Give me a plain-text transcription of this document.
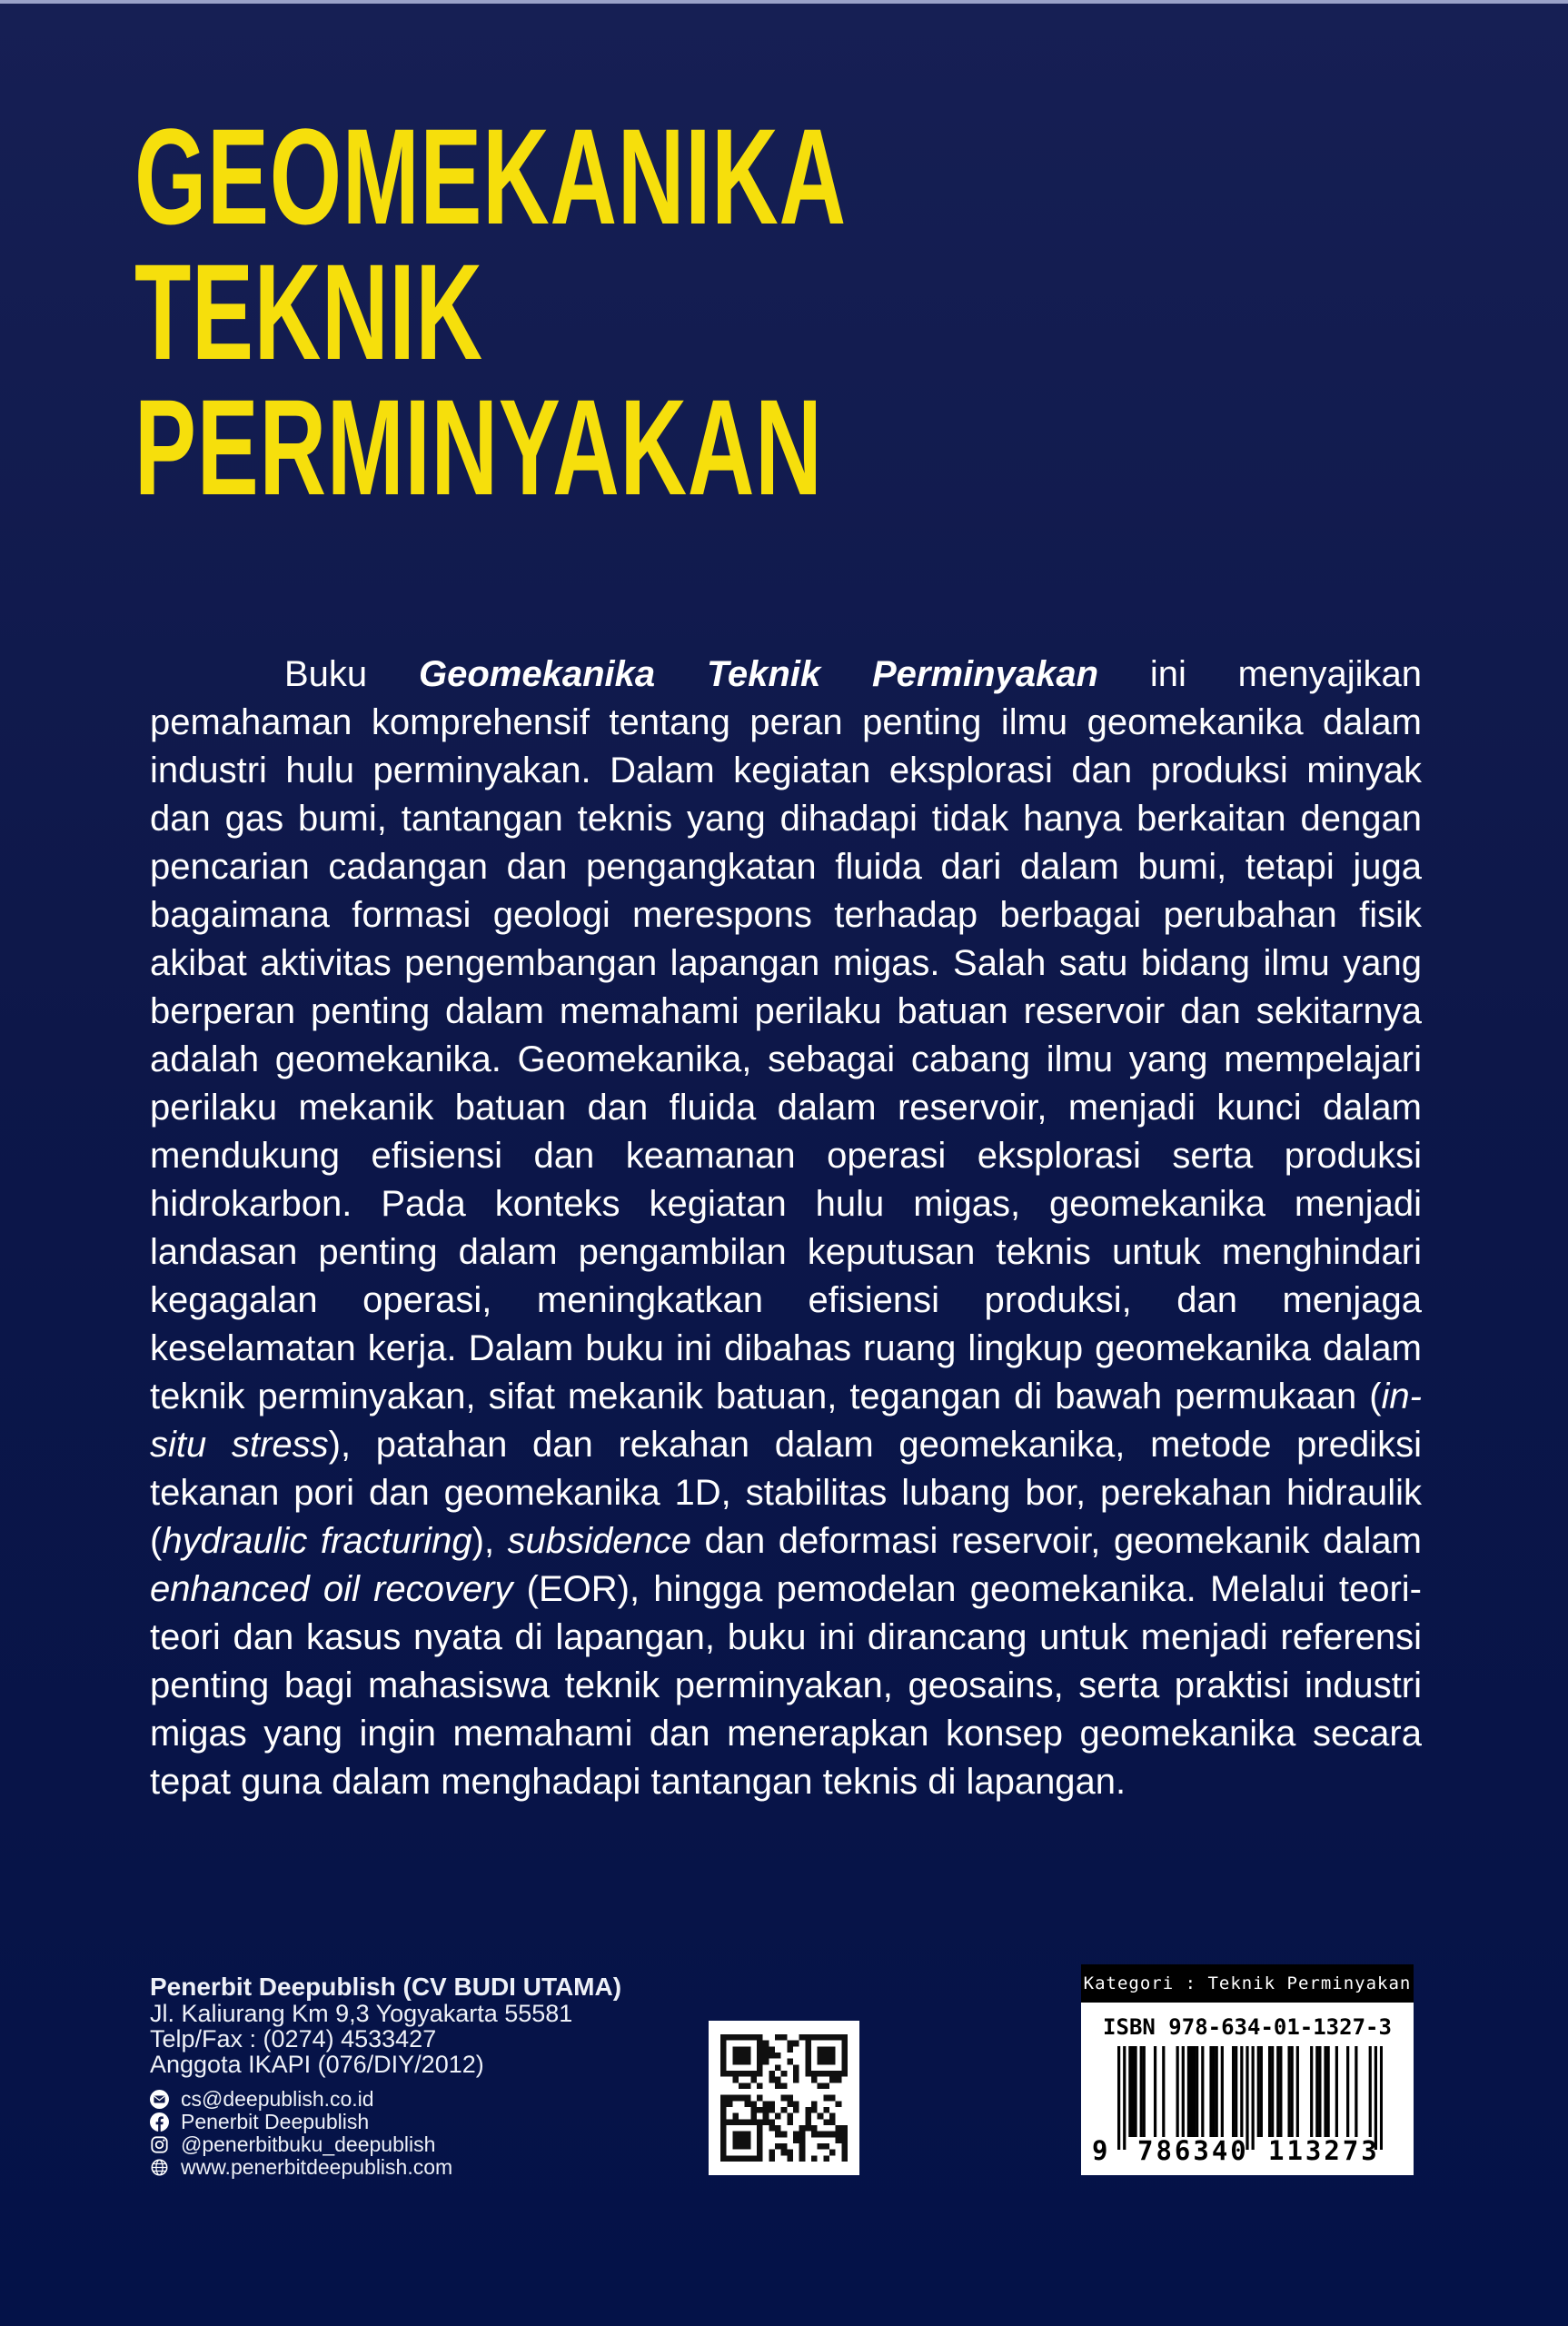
GEOMEKANIKA
TEKNIK
PERMINYAKAN

Buku Geomekanika Teknik Perminyakan ini menyajikan pemahaman komprehensif tentang peran penting ilmu geomekanika dalam industri hulu perminyakan. Dalam kegiatan eksplorasi dan produksi minyak dan gas bumi, tantangan teknis yang dihadapi tidak hanya berkaitan dengan pencarian cadangan dan pengangkatan fluida dari dalam bumi, tetapi juga bagaimana formasi geologi merespons terhadap berbagai perubahan fisik akibat aktivitas pengembangan lapangan migas. Salah satu bidang ilmu yang berperan penting dalam memahami perilaku batuan reservoir dan sekitarnya adalah geomekanika. Geomekanika, sebagai cabang ilmu yang mempelajari perilaku mekanik batuan dan fluida dalam reservoir, menjadi kunci dalam mendukung efisiensi dan keamanan operasi eksplorasi serta produksi hidrokarbon. Pada konteks kegiatan hulu migas, geomekanika menjadi landasan penting dalam pengambilan keputusan teknis untuk menghindari kegagalan operasi, meningkatkan efisiensi produksi, dan menjaga keselamatan kerja. Dalam buku ini dibahas ruang lingkup geomekanika dalam teknik perminyakan, sifat mekanik batuan, tegangan di bawah permukaan (in-situ stress), patahan dan rekahan dalam geomekanika, metode prediksi tekanan pori dan geomekanika 1D, stabilitas lubang bor, perekahan hidraulik (hydraulic fracturing), subsidence dan deformasi reservoir, geomekanik dalam enhanced oil recovery (EOR), hingga pemodelan geomekanika. Melalui teori-teori dan kasus nyata di lapangan, buku ini dirancang untuk menjadi referensi penting bagi mahasiswa teknik perminyakan, geosains, serta praktisi industri migas yang ingin memahami dan menerapkan konsep geomekanika secara tepat guna dalam menghadapi tantangan teknis di lapangan.

Penerbit Deepublish (CV BUDI UTAMA)
Jl. Kaliurang Km 9,3 Yogyakarta 55581
Telp/Fax : (0274) 4533427
Anggota IKAPI (076/DIY/2012)
cs@deepublish.co.id
Penerbit Deepublish
@penerbitbuku_deepublish
www.penerbitdeepublish.com
Kategori : Teknik Perminyakan
ISBN 978-634-01-1327-3
9 786340 113273
